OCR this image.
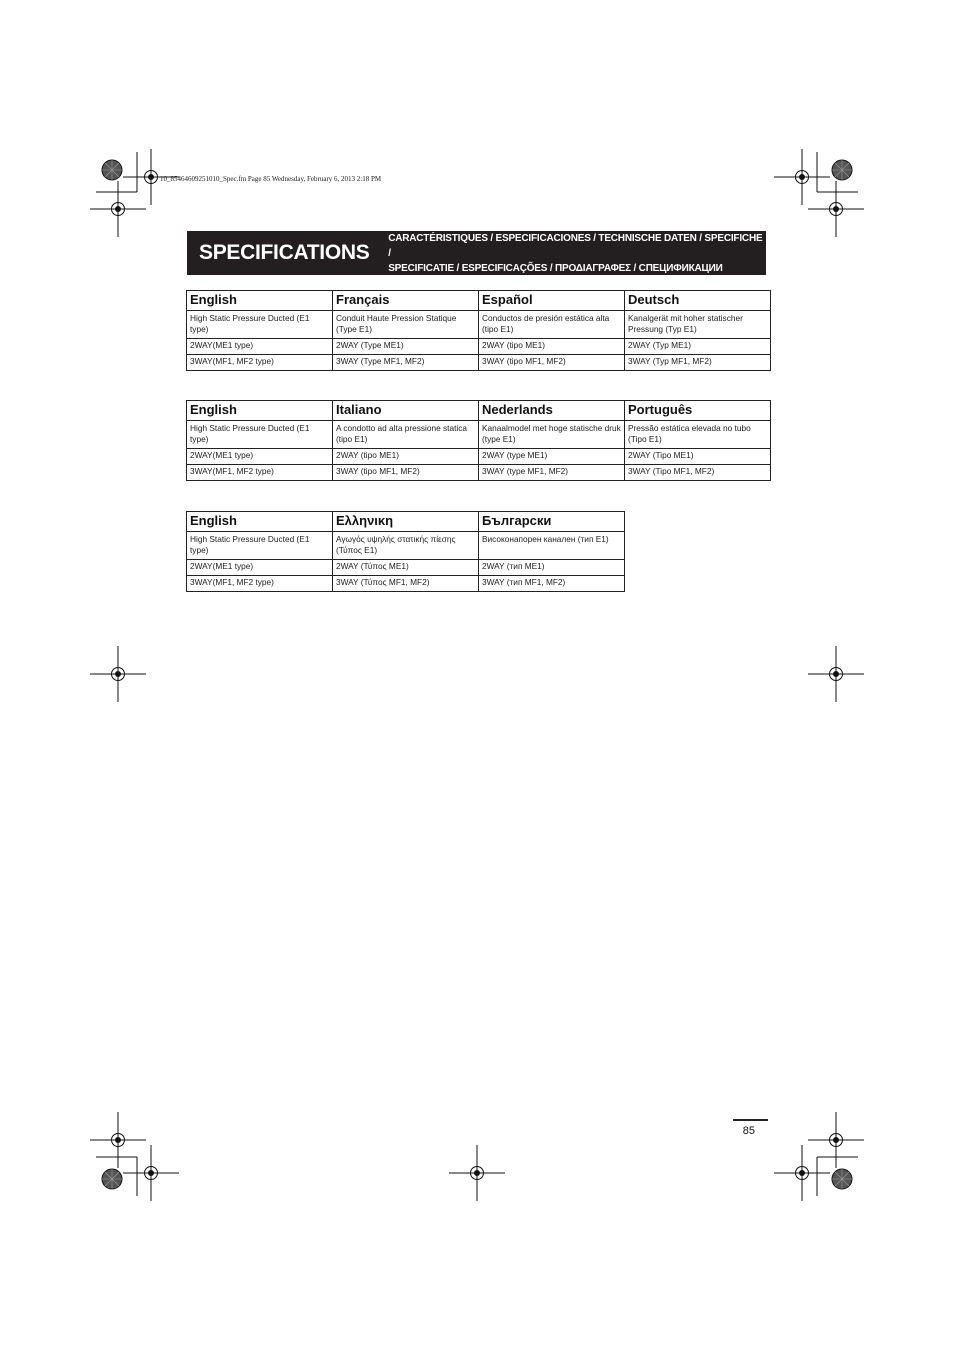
10_85464609251010_Spec.fm Page 85 Wednesday, February 6, 2013 2:18 PM
SPECIFICATIONS
CARACTÉRISTIQUES / ESPECIFICACIONES / TECHNISCHE DATEN / SPECIFICHE /
SPECIFICATIE / ESPECIFICAÇÕES / ΠΡΟΔΙΑΓΡΑΦΕΣ / СПЕЦИФИКАЦИИ
English	Français	Español	Deutsch
High Static Pressure Ducted (E1 type)	Conduit Haute Pression Statique (Type E1)	Conductos de presión estática alta (tipo E1)	Kanalgerät mit hoher statischer Pressung (Typ E1)
2WAY(ME1 type)	2WAY (Type ME1)	2WAY (tipo ME1)	2WAY (Typ ME1)
3WAY(MF1, MF2 type)	3WAY (Type MF1, MF2)	3WAY (tipo MF1, MF2)	3WAY (Typ MF1, MF2)
English	Italiano	Nederlands	Português
High Static Pressure Ducted (E1 type)	A condotto ad alta pressione statica (tipo E1)	Kanaalmodel met hoge statische druk (type E1)	Pressão estática elevada no tubo (Tipo E1)
2WAY(ME1 type)	2WAY (tipo ME1)	2WAY (type ME1)	2WAY (Tipo ME1)
3WAY(MF1, MF2 type)	3WAY (tipo MF1, MF2)	3WAY (type MF1, MF2)	3WAY (Tipo MF1, MF2)
English	Ελληνικη	Български
High Static Pressure Ducted (E1 type)	Αγωγός υψηλής στατικής πίεσης (Τύπος E1)	Високонапорен канален (тип E1)
2WAY(ME1 type)	2WAY (Τύπος ME1)	2WAY (тип ME1)
3WAY(MF1, MF2 type)	3WAY (Τύπος MF1, MF2)	3WAY (тип MF1, MF2)
85
